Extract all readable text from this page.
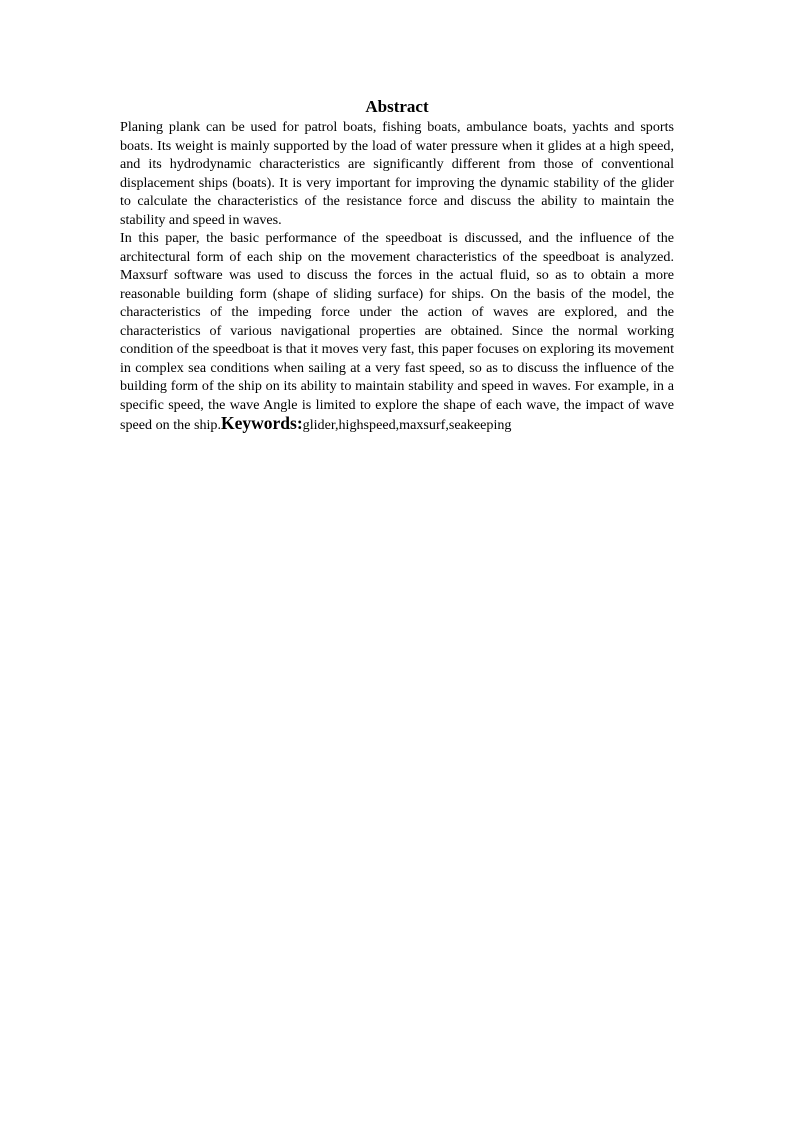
Abstract

Planing plank can be used for patrol boats, fishing boats, ambulance boats, yachts and sports boats. Its weight is mainly supported by the load of water pressure when it glides at a high speed, and its hydrodynamic characteristics are significantly different from those of conventional displacement ships (boats). It is very important for improving the dynamic stability of the glider to calculate the characteristics of the resistance force and discuss the ability to maintain the stability and speed in waves.

In this paper, the basic performance of the speedboat is discussed, and the influence of the architectural form of each ship on the movement characteristics of the speedboat is analyzed. Maxsurf software was used to discuss the forces in the actual fluid, so as to obtain a more reasonable building form (shape of sliding surface) for ships. On the basis of the model, the characteristics of the impeding force under the action of waves are explored, and the characteristics of various navigational properties are obtained. Since the normal working condition of the speedboat is that it moves very fast, this paper focuses on exploring its movement in complex sea conditions when sailing at a very fast speed, so as to discuss the influence of the building form of the ship on its ability to maintain stability and speed in waves. For example, in a specific speed, the wave Angle is limited to explore the shape of each wave, the impact of wave speed on the ship.Keywords:glider,highspeed,maxsurf,seakeeping
